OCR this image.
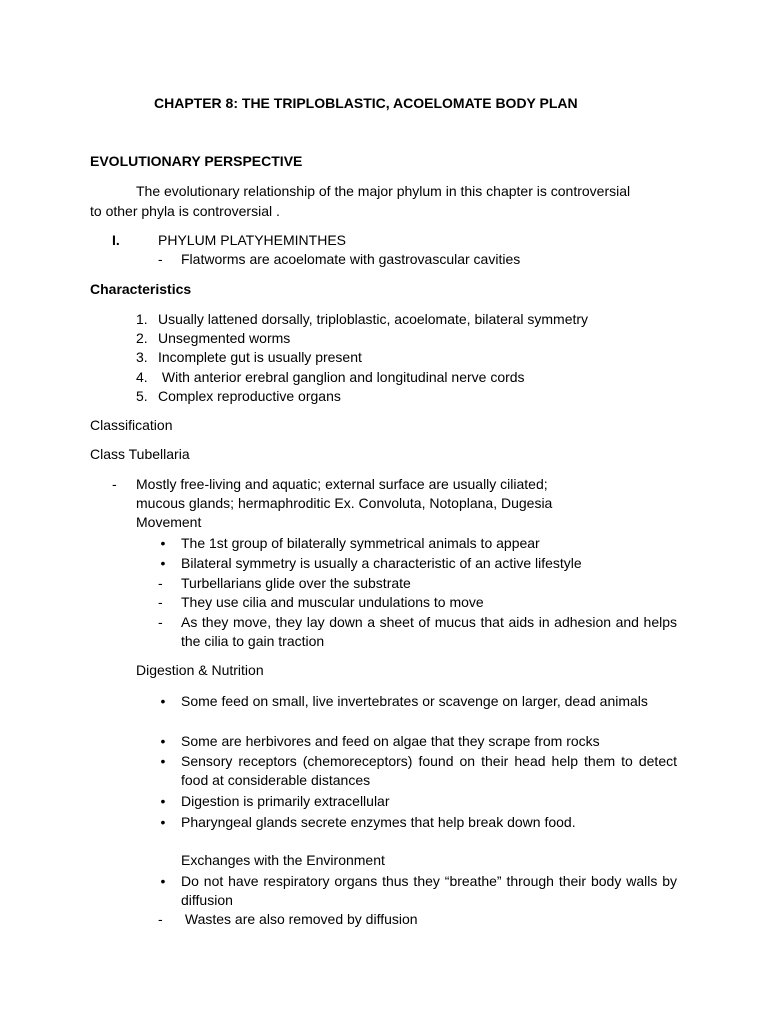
CHAPTER 8: THE TRIPLOBLASTIC, ACOELOMATE BODY PLAN
EVOLUTIONARY PERSPECTIVE
The evolutionary relationship of the major phylum in this chapter is controversial
to other phyla is controversial .
I.	PHYLUM PLATYHEMINTHES
- Flatworms are acoelomate with gastrovascular cavities
Characteristics
1. Usually lattened dorsally, triploblastic, acoelomate, bilateral symmetry
2. Unsegmented worms
3. Incomplete gut is usually present
4. With anterior erebral ganglion and longitudinal nerve cords
5. Complex reproductive organs
Classification
Class Tubellaria
- Mostly free-living and aquatic; external surface are usually ciliated;
mucous glands; hermaphroditic Ex. Convoluta, Notoplana, Dugesia
Movement
• The 1st group of bilaterally symmetrical animals to appear
• Bilateral symmetry is usually a characteristic of an active lifestyle
- Turbellarians glide over the substrate
- They use cilia and muscular undulations to move
- As they move, they lay down a sheet of mucus that aids in adhesion and helps the cilia to gain traction
Digestion & Nutrition
• Some feed on small, live invertebrates or scavenge on larger, dead animals
• Some are herbivores and feed on algae that they scrape from rocks
• Sensory receptors (chemoreceptors) found on their head help them to detect food at considerable distances
• Digestion is primarily extracellular
• Pharyngeal glands secrete enzymes that help break down food.
Exchanges with the Environment
• Do not have respiratory organs thus they “breathe” through their body walls by diffusion
- Wastes are also removed by diffusion
